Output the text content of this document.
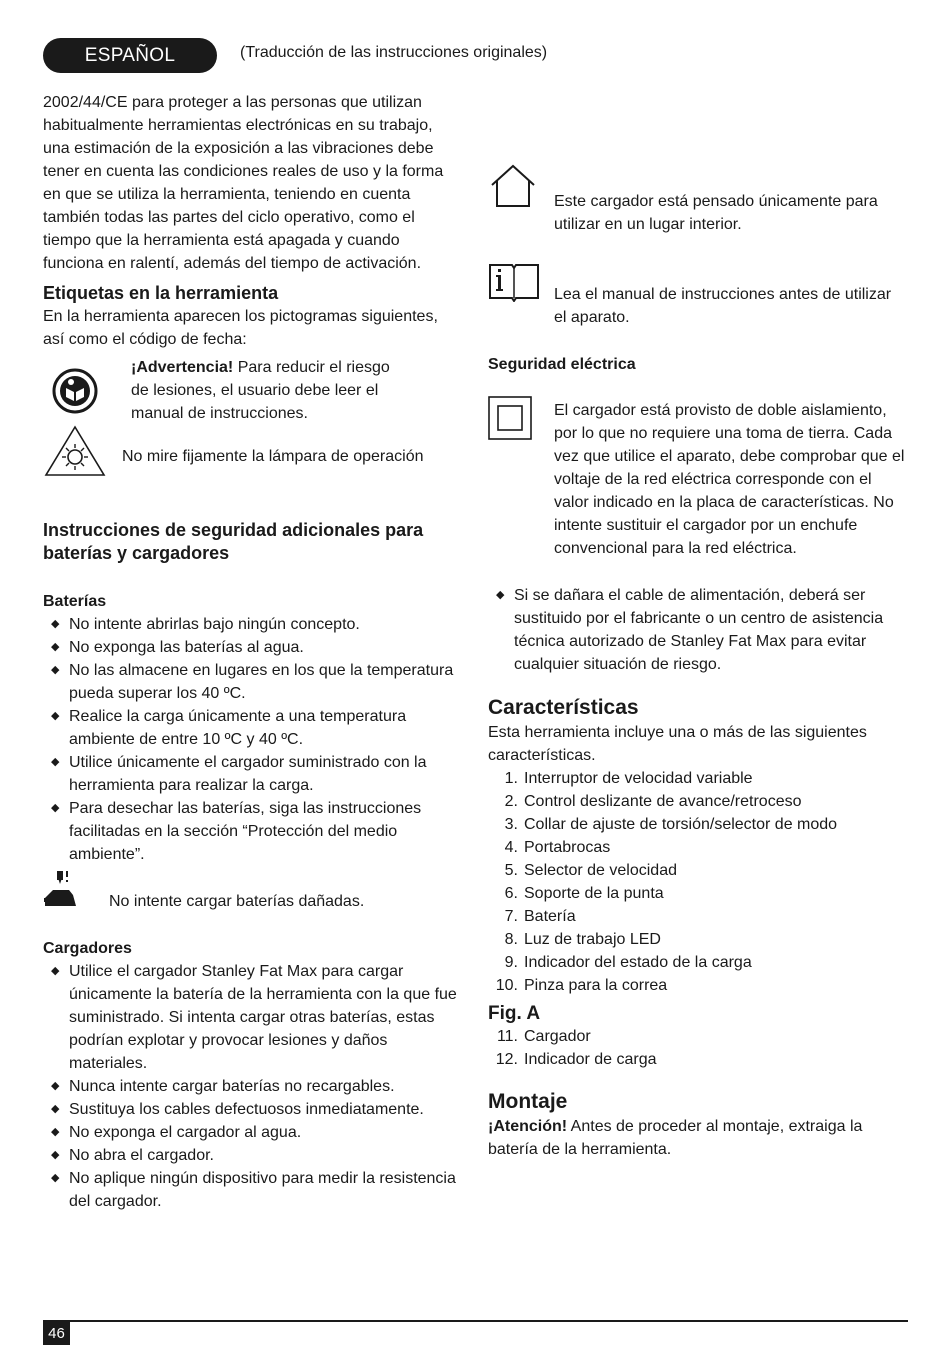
ESPAÑOL	(Traducción de las instrucciones originales)

2002/44/CE para proteger a las personas que utilizan habitualmente herramientas electrónicas en su trabajo, una estimación de la exposición a las vibraciones debe tener en cuenta las condiciones reales de uso y la forma en que se utiliza la herramienta, teniendo en cuenta también todas las partes del ciclo operativo, como el tiempo que la herramienta está apagada y cuando funciona en ralentí, además del tiempo de activación.

Etiquetas en la herramienta

En la herramienta aparecen los pictogramas siguientes, así como el código de fecha:

¡Advertencia! Para reducir el riesgo de lesiones, el usuario debe leer el manual de instrucciones.
No mire fijamente la lámpara de operación
Instrucciones de seguridad adicionales para baterías y cargadores
Baterías
◆ No intente abrirlas bajo ningún concepto.
◆ No exponga las baterías al agua.
◆ No las almacene en lugares en los que la temperatura pueda superar los 40 ºC.
◆ Realice la carga únicamente a una temperatura ambiente de entre 10 ºC y 40 ºC.
◆ Utilice únicamente el cargador suministrado con la herramienta para realizar la carga.
◆ Para desechar las baterías, siga las instrucciones facilitadas en la sección “Protección del medio ambiente”.
No intente cargar baterías dañadas.
Cargadores
◆ Utilice el cargador Stanley Fat Max para cargar únicamente la batería de la herramienta con la que fue suministrado. Si intenta cargar otras baterías, estas podrían explotar y provocar lesiones y daños materiales.
◆ Nunca intente cargar baterías no recargables.
◆ Sustituya los cables defectuosos inmediatamente.
◆ No exponga el cargador al agua.
◆ No abra el cargador.
◆ No aplique ningún dispositivo para medir la resistencia del cargador.
Este cargador está pensado únicamente para utilizar en un lugar interior.
Lea el manual de instrucciones antes de utilizar el aparato.
Seguridad eléctrica
El cargador está provisto de doble aislamiento, por lo que no requiere una toma de tierra. Cada vez que utilice el aparato, debe comprobar que el voltaje de la red eléctrica corresponde con el valor indicado en la placa de características. No intente sustituir el cargador por un enchufe convencional para la red eléctrica.
◆ Si se dañara el cable de alimentación, deberá ser sustituido por el fabricante o un centro de asistencia técnica autorizado de Stanley Fat Max para evitar cualquier situación de riesgo.
Características

Esta herramienta incluye una o más de las siguientes características.

1. Interruptor de velocidad variable
2. Control deslizante de avance/retroceso
3. Collar de ajuste de torsión/selector de modo
4. Portabrocas
5. Selector de velocidad
6. Soporte de la punta
7. Batería
8. Luz de trabajo LED
9. Indicador del estado de la carga
10. Pinza para la correa
Fig. A
11. Cargador
12. Indicador de carga
Montaje

¡Atención! Antes de proceder al montaje, extraiga la batería de la herramienta.

46
